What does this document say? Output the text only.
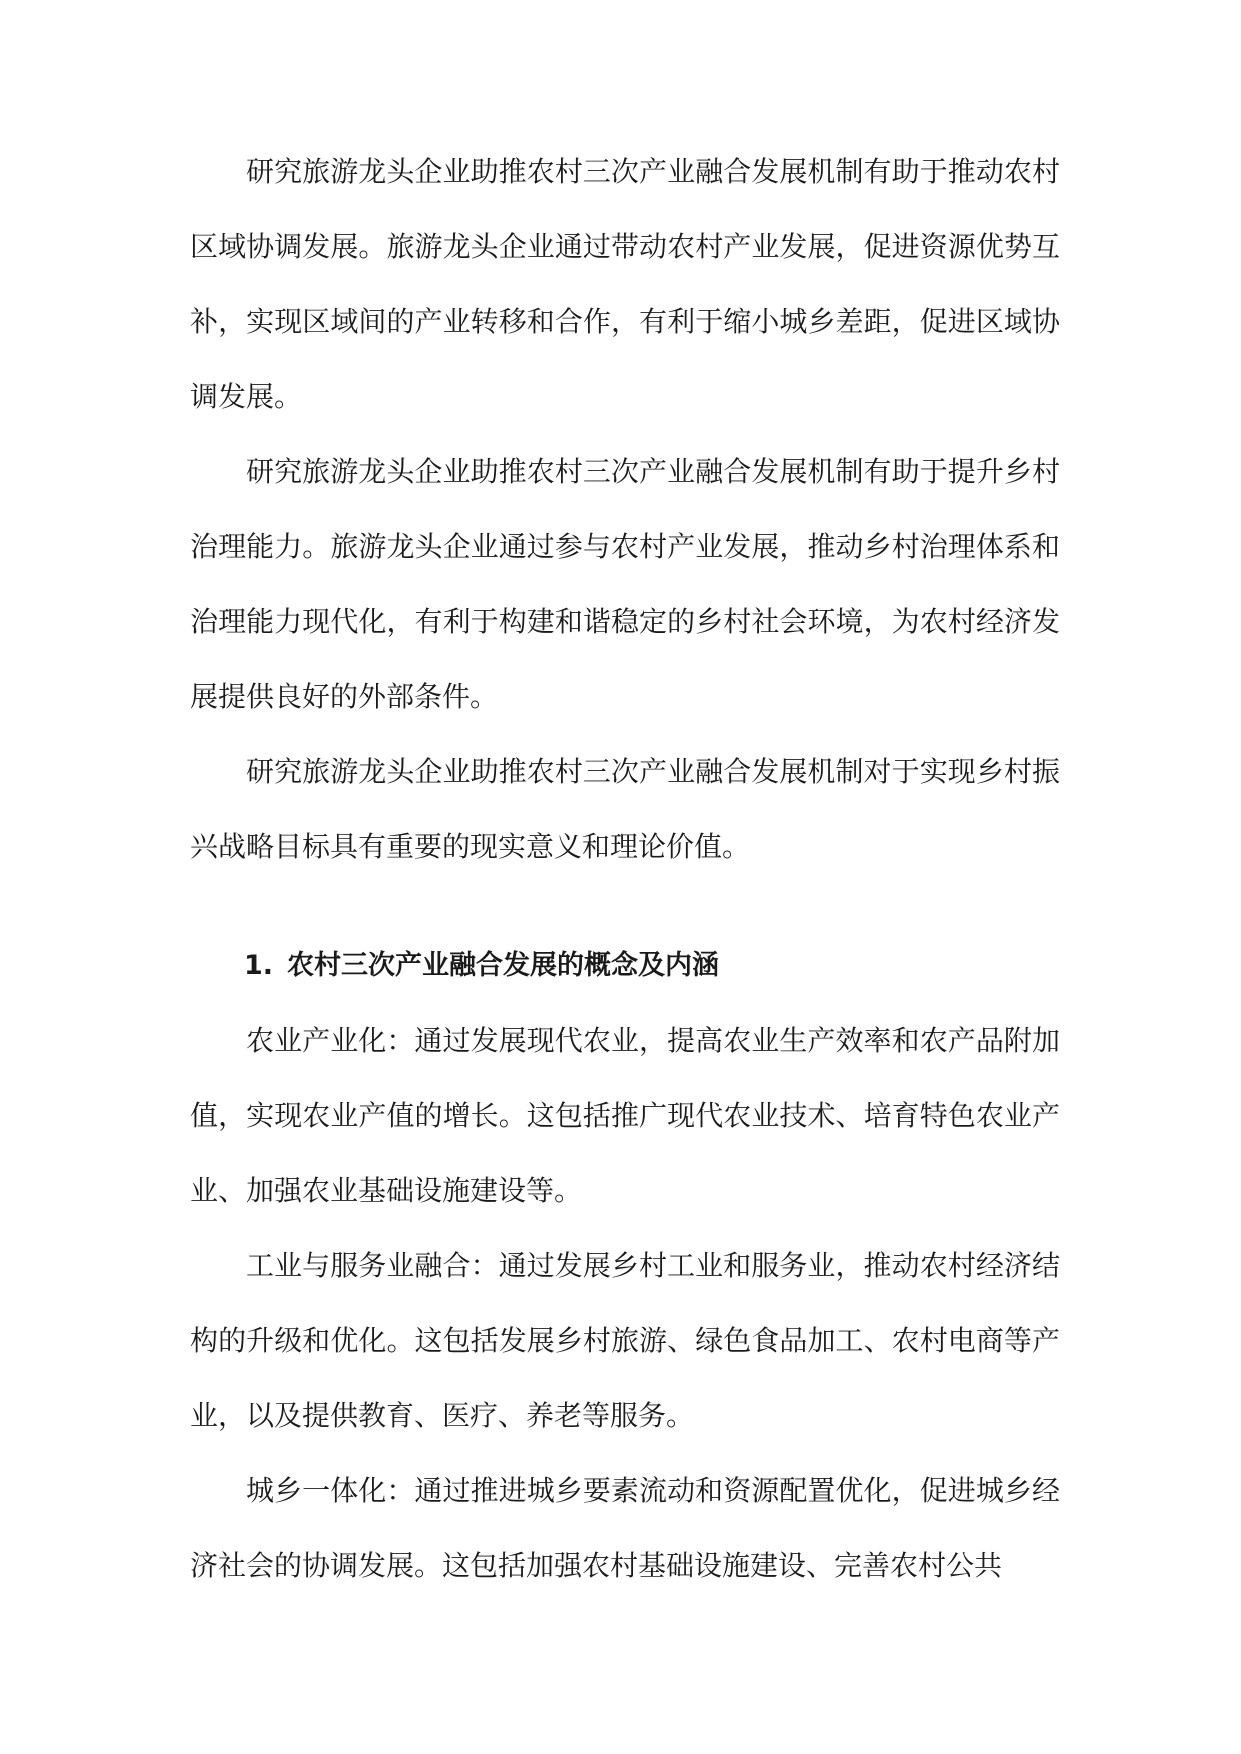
研究旅游龙头企业助推农村三次产业融合发展机制有助于推动农村区域协调发展。旅游龙头企业通过带动农村产业发展，促进资源优势互补，实现区域间的产业转移和合作，有利于缩小城乡差距，促进区域协调发展。

研究旅游龙头企业助推农村三次产业融合发展机制有助于提升乡村治理能力。旅游龙头企业通过参与农村产业发展，推动乡村治理体系和治理能力现代化，有利于构建和谐稳定的乡村社会环境，为农村经济发展提供良好的外部条件。

研究旅游龙头企业助推农村三次产业融合发展机制对于实现乡村振兴战略目标具有重要的现实意义和理论价值。

1. 农村三次产业融合发展的概念及内涵

农业产业化：通过发展现代农业，提高农业生产效率和农产品附加值，实现农业产值的增长。这包括推广现代农业技术、培育特色农业产业、加强农业基础设施建设等。

工业与服务业融合：通过发展乡村工业和服务业，推动农村经济结构的升级和优化。这包括发展乡村旅游、绿色食品加工、农村电商等产业，以及提供教育、医疗、养老等服务。

城乡一体化：通过推进城乡要素流动和资源配置优化，促进城乡经济社会的协调发展。这包括加强农村基础设施建设、完善农村公共
